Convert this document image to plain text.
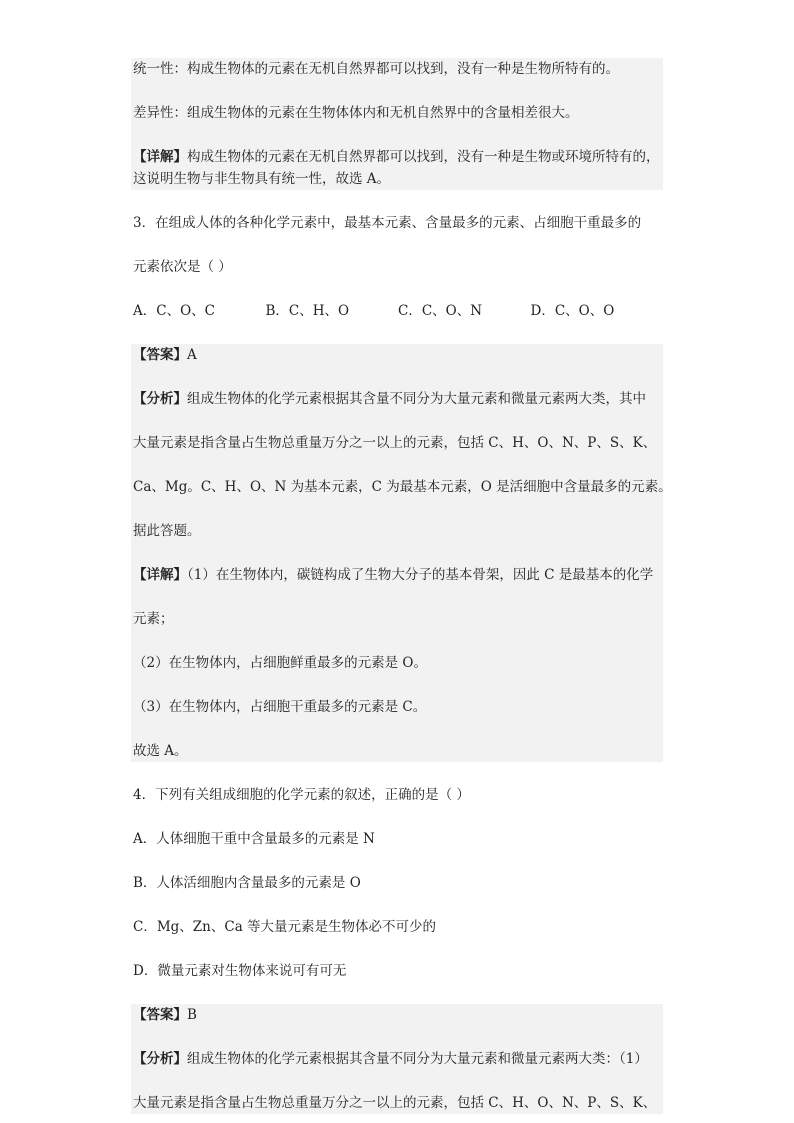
统一性：构成生物体的元素在无机自然界都可以找到，没有一种是生物所特有的。
差异性：组成生物体的元素在生物体体内和无机自然界中的含量相差很大。
【详解】构成生物体的元素在无机自然界都可以找到，没有一种是生物或环境所特有的，
这说明生物与非生物具有统一性，故选 A。
3．在组成人体的各种化学元素中，最基本元素、含量最多的元素、占细胞干重最多的
元素依次是（ ）
A．C、O、C	B．C、H、O	C．C、O、N	D．C、O、O
【答案】A
【分析】组成生物体的化学元素根据其含量不同分为大量元素和微量元素两大类，其中
大量元素是指含量占生物总重量万分之一以上的元素，包括 C、H、O、N、P、S、K、
Ca、Mg。C、H、O、N 为基本元素，C 为最基本元素，O 是活细胞中含量最多的元素。
据此答题。
【详解】（1）在生物体内，碳链构成了生物大分子的基本骨架，因此 C 是最基本的化学
元素；
（2）在生物体内，占细胞鲜重最多的元素是 O。
（3）在生物体内，占细胞干重最多的元素是 C。
故选 A。
4．下列有关组成细胞的化学元素的叙述，正确的是（ ）
A．人体细胞干重中含量最多的元素是 N
B．人体活细胞内含量最多的元素是 O
C．Mg、Zn、Ca 等大量元素是生物体必不可少的
D．微量元素对生物体来说可有可无
【答案】B
【分析】组成生物体的化学元素根据其含量不同分为大量元素和微量元素两大类：（1）
大量元素是指含量占生物总重量万分之一以上的元素，包括 C、H、O、N、P、S、K、
